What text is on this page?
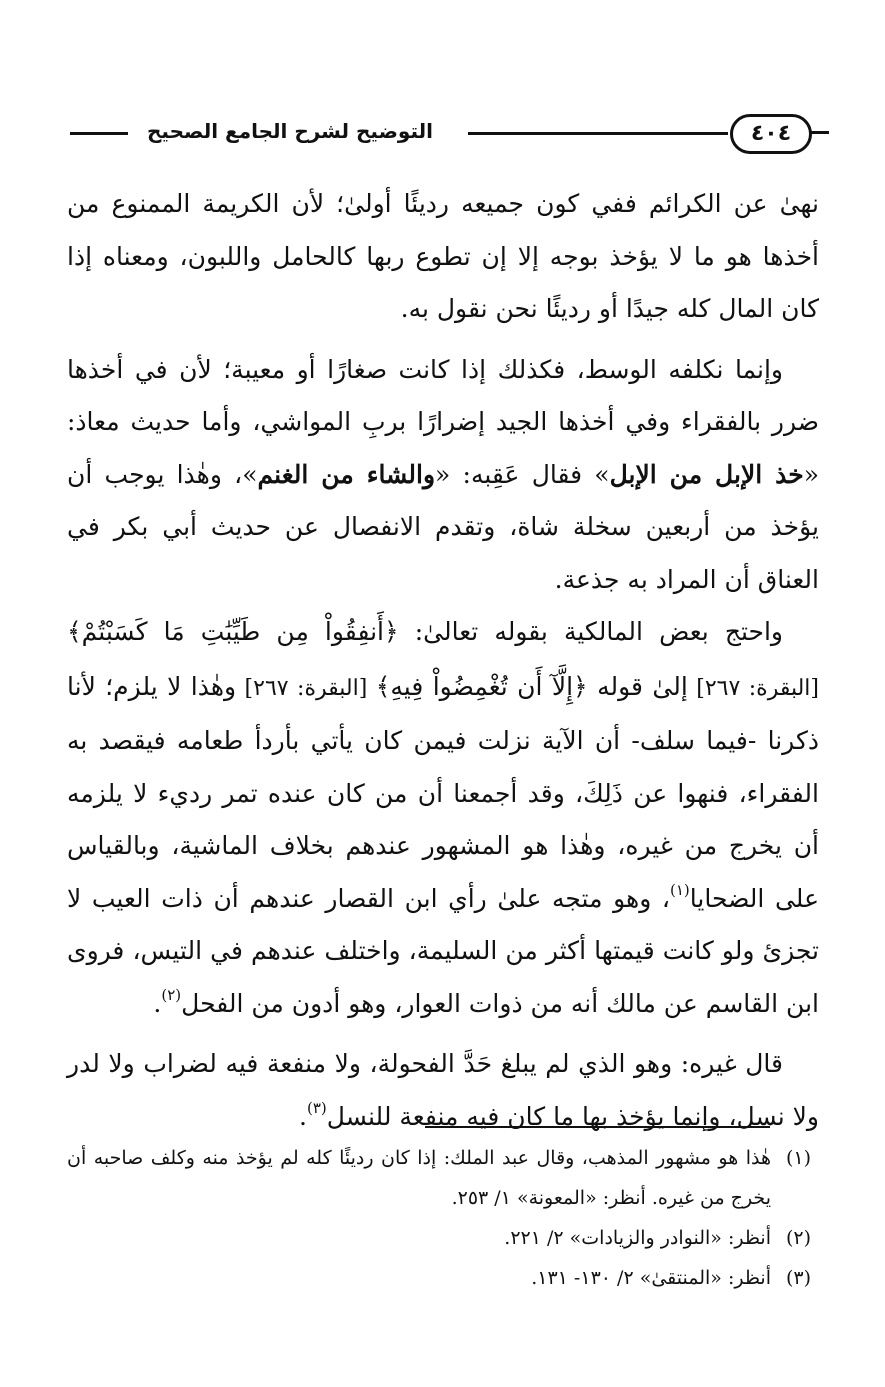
التوضيح لشرح الجامع الصحيح	٤٠٤

نهىٰ عن الكرائم ففي كون جميعه رديئًا أولىٰ؛ لأن الكريمة الممنوع من أخذها هو ما لا يؤخذ بوجه إلا إن تطوع ربها كالحامل واللبون، ومعناه إذا كان المال كله جيدًا أو رديئًا نحن نقول به.

وإنما نكلفه الوسط، فكذلك إذا كانت صغارًا أو معيبة؛ لأن في أخذها ضرر بالفقراء وفي أخذها الجيد إضرارًا بربِ المواشي، وأما حديث معاذ: «خذ الإبل من الإبل» فقال عَقِبه: «والشاء من الغنم»، وهٰذا يوجب أن يؤخذ من أربعين سخلة شاة، وتقدم الانفصال عن حديث أبي بكر في العناق أن المراد به جذعة.

واحتج بعض المالكية بقوله تعالىٰ: ﴿أَنفِقُواْ مِن طَيِّبَٰتِ مَا كَسَبْتُمْ﴾ [البقرة: ٢٦٧] إلىٰ قوله ﴿إِلَّآ أَن تُغْمِضُواْ فِيهِ﴾ [البقرة: ٢٦٧] وهٰذا لا يلزم؛ لأنا ذكرنا -فيما سلف- أن الآية نزلت فيمن كان يأتي بأردأ طعامه فيقصد به الفقراء، فنهوا عن ذَلِكَ، وقد أجمعنا أن من كان عنده تمر رديء لا يلزمه أن يخرج من غيره، وهٰذا هو المشهور عندهم بخلاف الماشية، وبالقياس على الضحايا$^{(١)}$، وهو متجه علىٰ رأي ابن القصار عندهم أن ذات العيب لا تجزئ ولو كانت قيمتها أكثر من السليمة، واختلف عندهم في التيس، فروى ابن القاسم عن مالك أنه من ذوات العوار، وهو أدون من الفحل$^{(٢)}$.

قال غيره: وهو الذي لم يبلغ حَدَّ الفحولة، ولا منفعة فيه لضراب ولا لدر ولا نسل، وإنما يؤخذ بها ما كان فيه منفعة للنسل$^{(٣)}$.

(١)
هٰذا هو مشهور المذهب، وقال عبد الملك: إذا كان رديئًا كله لم يؤخذ منه وكلف صاحبه أن يخرج من غيره. أنظر: «المعونة» ١/ ٢٥٣.
(٢)
أنظر: «النوادر والزيادات» ٢/ ٢٢١.
(٣)
أنظر: «المنتقىٰ» ٢/ ١٣٠- ١٣١.
